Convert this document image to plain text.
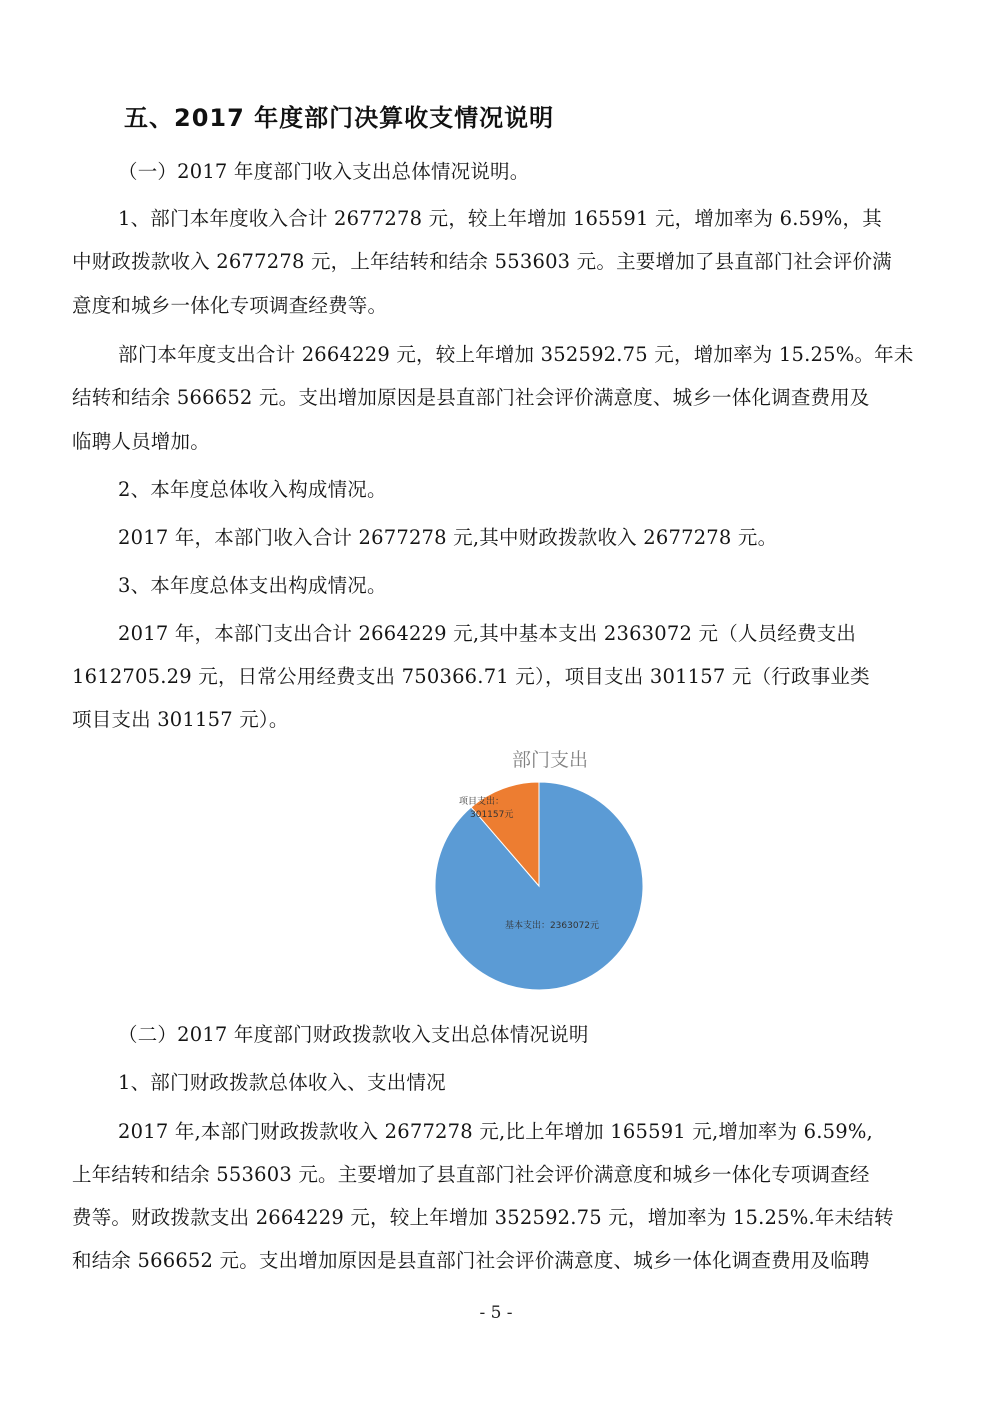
五、2017 年度部门决算收支情况说明
（一）2017 年度部门收入支出总体情况说明。
1、部门本年度收入合计 2677278 元，较上年增加 165591 元，增加率为 6.59%，其
中财政拨款收入 2677278 元，上年结转和结余 553603 元。主要增加了县直部门社会评价满
意度和城乡一体化专项调查经费等。
部门本年度支出合计 2664229 元，较上年增加 352592.75 元，增加率为 15.25%。年未
结转和结余 566652 元。支出增加原因是县直部门社会评价满意度、城乡一体化调查费用及
临聘人员增加。
2、本年度总体收入构成情况。
2017 年，本部门收入合计 2677278 元,其中财政拨款收入 2677278 元。
3、本年度总体支出构成情况。
2017 年，本部门支出合计 2664229 元,其中基本支出 2363072 元（人员经费支出
1612705.29 元，日常公用经费支出 750366.71 元），项目支出 301157 元（行政事业类
项目支出 301157 元）。
部门支出
项目支出：
301157元
基本支出：2363072元
（二）2017 年度部门财政拨款收入支出总体情况说明
1、部门财政拨款总体收入、支出情况
2017 年,本部门财政拨款收入 2677278 元,比上年增加 165591 元,增加率为 6.59%,
上年结转和结余 553603 元。主要增加了县直部门社会评价满意度和城乡一体化专项调查经
费等。财政拨款支出 2664229 元，较上年增加 352592.75 元，增加率为 15.25%.年未结转
和结余 566652 元。支出增加原因是县直部门社会评价满意度、城乡一体化调查费用及临聘
- 5 -
